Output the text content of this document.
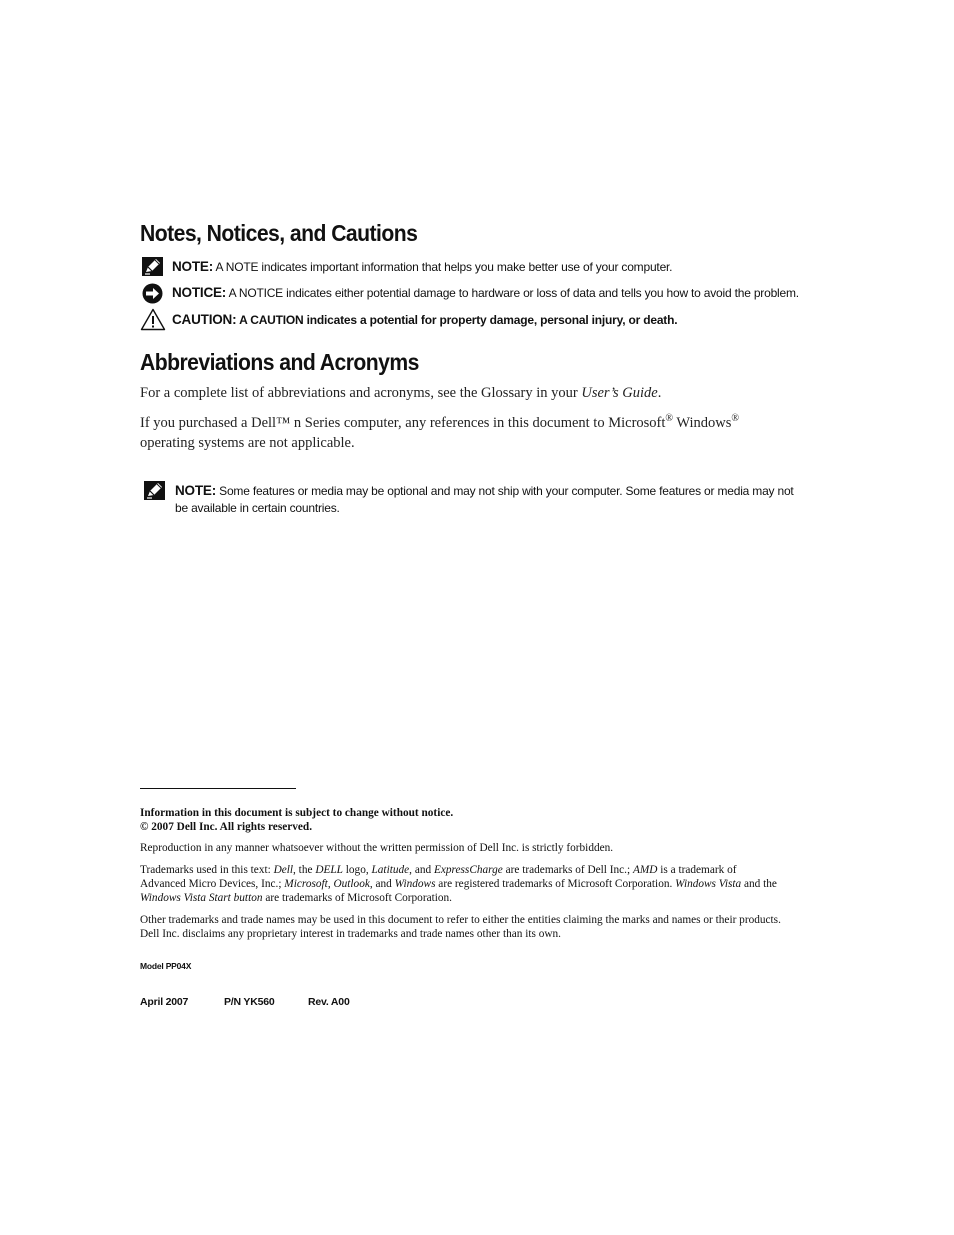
Notes, Notices, and Cautions
NOTE: A NOTE indicates important information that helps you make better use of your computer.
NOTICE: A NOTICE indicates either potential damage to hardware or loss of data and tells you how to avoid the problem.
CAUTION: A CAUTION indicates a potential for property damage, personal injury, or death.
Abbreviations and Acronyms
For a complete list of abbreviations and acronyms, see the Glossary in your User’s Guide.
If you purchased a Dell™ n Series computer, any references in this document to Microsoft® Windows®
operating systems are not applicable.
NOTE: Some features or media may be optional and may not ship with your computer. Some features or media may not
be available in certain countries.
Information in this document is subject to change without notice.
© 2007 Dell Inc. All rights reserved.
Reproduction in any manner whatsoever without the written permission of Dell Inc. is strictly forbidden.
Trademarks used in this text: Dell, the DELL logo, Latitude, and ExpressCharge are trademarks of Dell Inc.; AMD is a trademark of
Advanced Micro Devices, Inc.; Microsoft, Outlook, and Windows are registered trademarks of Microsoft Corporation. Windows Vista and the
Windows Vista Start button are trademarks of Microsoft Corporation.
Other trademarks and trade names may be used in this document to refer to either the entities claiming the marks and names or their products.
Dell Inc. disclaims any proprietary interest in trademarks and trade names other than its own.
Model PP04X
April 2007	P/N YK560	Rev. A00
